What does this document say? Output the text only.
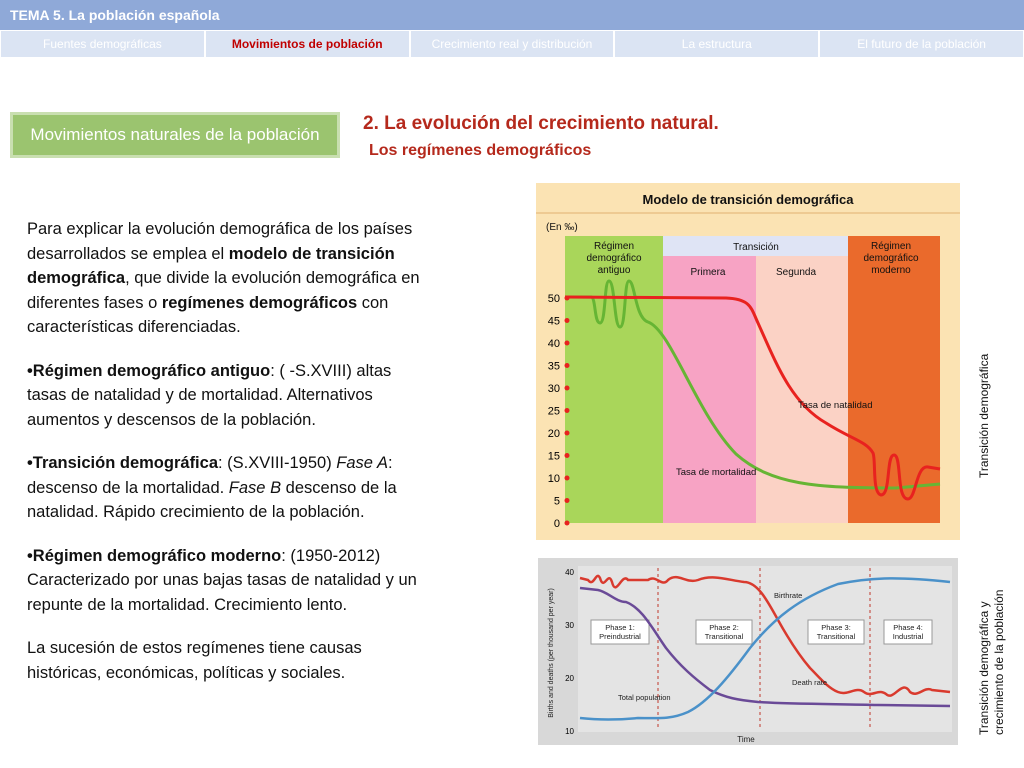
TEMA 5. La población española
Fuentes demográficas	Movimientos de población	Crecimiento real y distribución	La estructura	El futuro de la población
Movimientos naturales de la población
2. La evolución del crecimiento natural.
Los regímenes demográficos

Para explicar la evolución demográfica de los países desarrollados se emplea el modelo de transición demográfica, que divide la evolución demográfica en diferentes fases o regímenes demográficos con características diferenciadas.

•Régimen demográfico antiguo: ( -S.XVIII) altas tasas de natalidad y de mortalidad. Alternativos aumentos y descensos de la población.

•Transición demográfica: (S.XVIII-1950) Fase A: descenso de la mortalidad. Fase B descenso de la natalidad. Rápido crecimiento de la población.

•Régimen demográfico moderno: (1950-2012) Caracterizado por unas bajas tasas de natalidad y un repunte de la mortalidad. Crecimiento lento.

La sucesión de estos regímenes tiene causas históricas, económicas, políticas y sociales.

Modelo de transición demográfica
(En ‰)
Régimen
demográfico
antiguo
Transición
Primera	Segunda
Régimen
demográfico
moderno
50
45
40
35
30
25
20
15
10
5
0
Tasa de natalidad
Tasa de mortalidad	Transición demográfica
40
30
20
10
Births and deaths (per thousand per year)	Phase 1:
Preindustrial
Phase 2:
Transitional
Phase 3:
Transitional
Phase 4:
Industrial
Birthrate
Death rate
Total population
Time
Transición demográfica y crecimiento de la población
